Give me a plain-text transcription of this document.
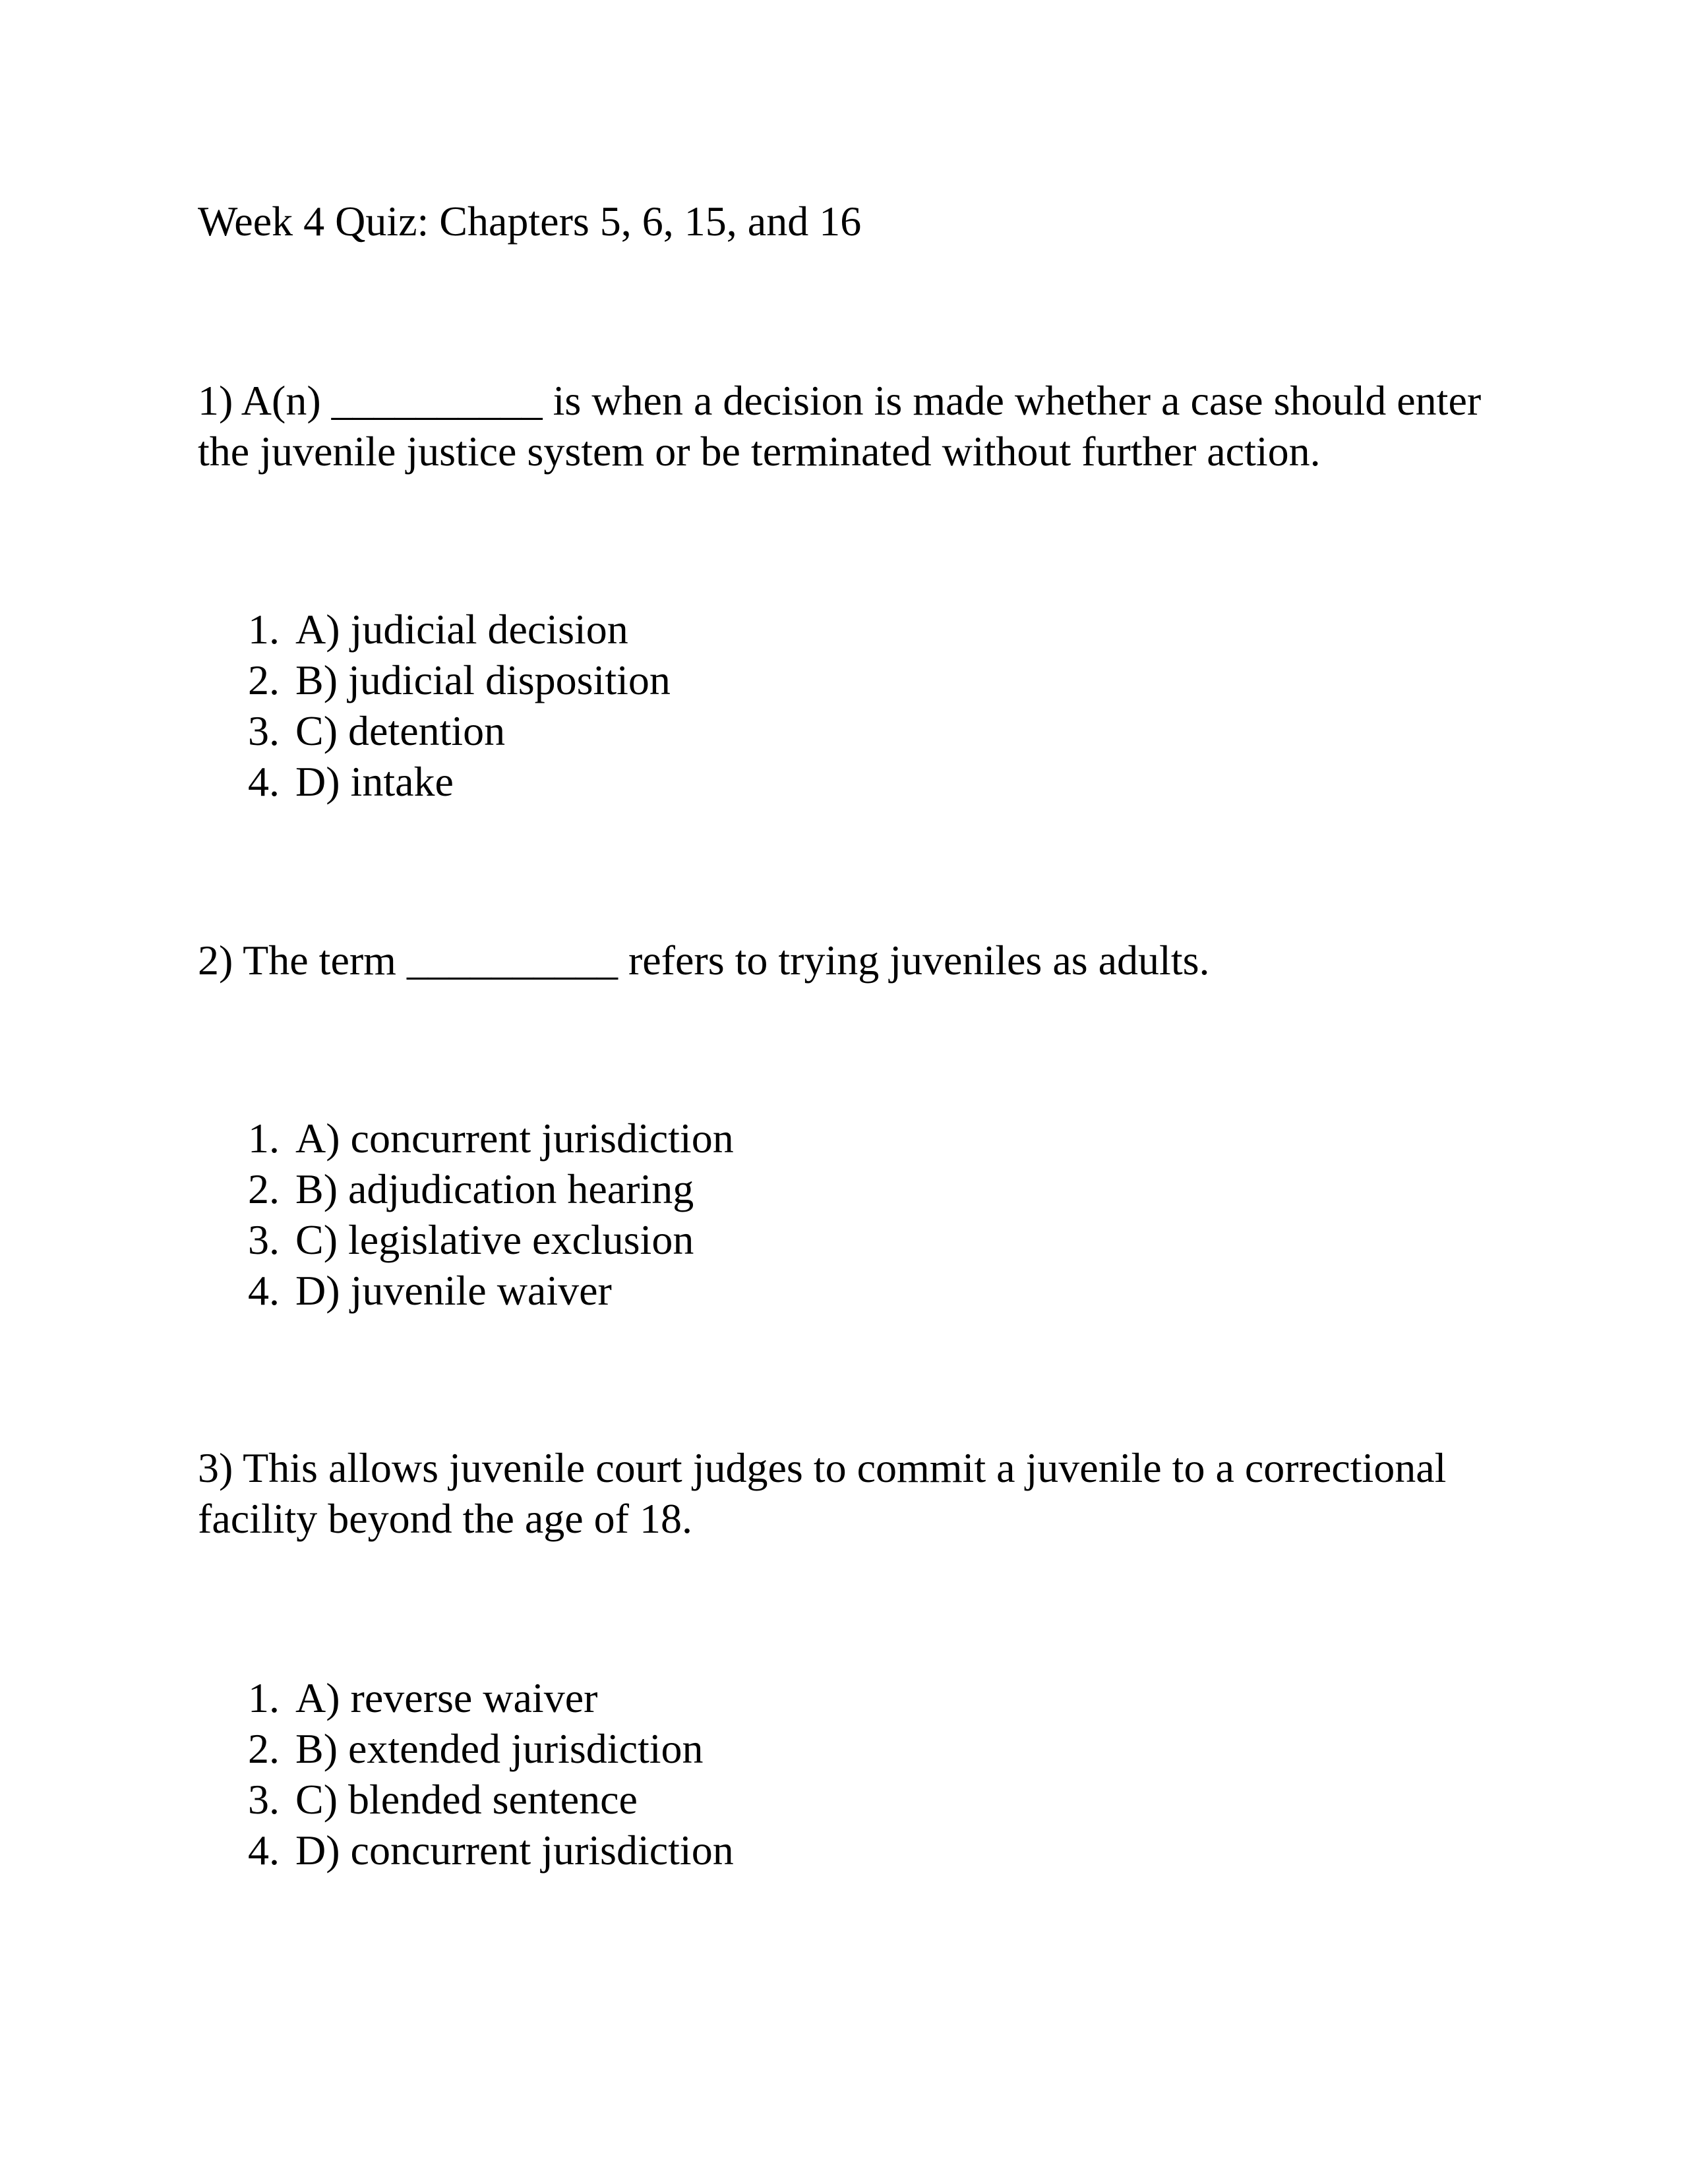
Week 4 Quiz: Chapters 5, 6, 15, and 16

1) A(n) __________ is when a decision is made whether a case should enter the juvenile justice system or be terminated without further action.

1. A) judicial decision
2. B) judicial disposition
3. C) detention
4. D) intake

2) The term __________ refers to trying juveniles as adults.

1. A) concurrent jurisdiction
2. B) adjudication hearing
3. C) legislative exclusion
4. D) juvenile waiver

3) This allows juvenile court judges to commit a juvenile to a correctional facility beyond the age of 18.

1. A) reverse waiver
2. B) extended jurisdiction
3. C) blended sentence
4. D) concurrent jurisdiction
